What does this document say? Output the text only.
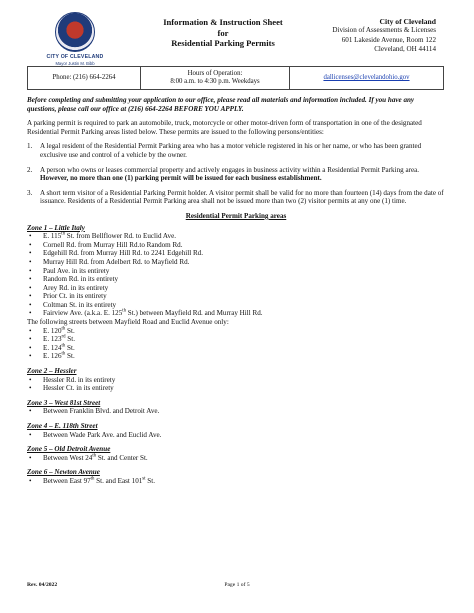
CITY OF CLEVELAND
Mayor Justin M. Bibb
Information & Instruction Sheet
for
Residential Parking Permits
City of Cleveland
Division of Assessments & Licenses
601 Lakeside Avenue, Room 122
Cleveland, OH 44114
Phone: (216) 664-2264
Hours of Operation:
8:00 a.m. to 4:30 p.m. Weekdays
dallicenses@clevelandohio.gov

Before completing and submitting your application to our office, please read all materials and information included. If you have any questions, please call our office at (216) 664-2264 BEFORE YOU APPLY.

A parking permit is required to park an automobile, truck, motorcycle or other motor-driven form of transportation in one of the designated Residential Permit Parking areas listed below. These permits are issued to the following persons/entities:

1.	A legal resident of the Residential Permit Parking area who has a motor vehicle registered in his or her name, or who has been granted exclusive use and control of a vehicle by the owner.
2.	A person who owns or leases commercial property and actively engages in business activity within a Residential Permit Parking area. However, no more than one (1) parking permit will be issued for each business establishment.
3.	A short term visitor of a Residential Parking Permit holder. A visitor permit shall be valid for no more than fourteen (14) days from the date of issuance. Residents of a Residential Permit Parking area shall not be issued more than two (2) visitor permits at any one (1) time.
Residential Permit Parking areas
Zone 1 – Little Italy
• E. 115th St. from Bellflower Rd. to Euclid Ave.
• Cornell Rd. from Murray Hill Rd.to Random Rd.
• Edgehill Rd. from Murray Hill Rd. to 2241 Edgehill Rd.
• Murray Hill Rd. from Adelbert Rd. to Mayfield Rd.
• Paul Ave. in its entirety
• Random Rd. in its entirety
• Arey Rd. in its entirety
• Prior Ct. in its entirety
• Coltman St. in its entirety
• Fairview Ave. (a.k.a. E. 125th St.) between Mayfield Rd. and Murray Hill Rd.
The following streets between Mayfield Road and Euclid Avenue only:
• E. 120th St.
• E. 123rd St.
• E. 124th St.
• E. 126th St.
Zone 2 – Hessler
• Hessler Rd. in its entirety
• Hessler Ct. in its entirety
Zone 3 – West 81st Street
• Between Franklin Blvd. and Detroit Ave.
Zone 4 – E. 118th Street
• Between Wade Park Ave. and Euclid Ave.
Zone 5 – Old Detroit Avenue
• Between West 24th St. and Center St.
Zone 6 – Newton Avenue
• Between East 97th St. and East 101st St.
Rev. 04/2022	Page 1 of 5
